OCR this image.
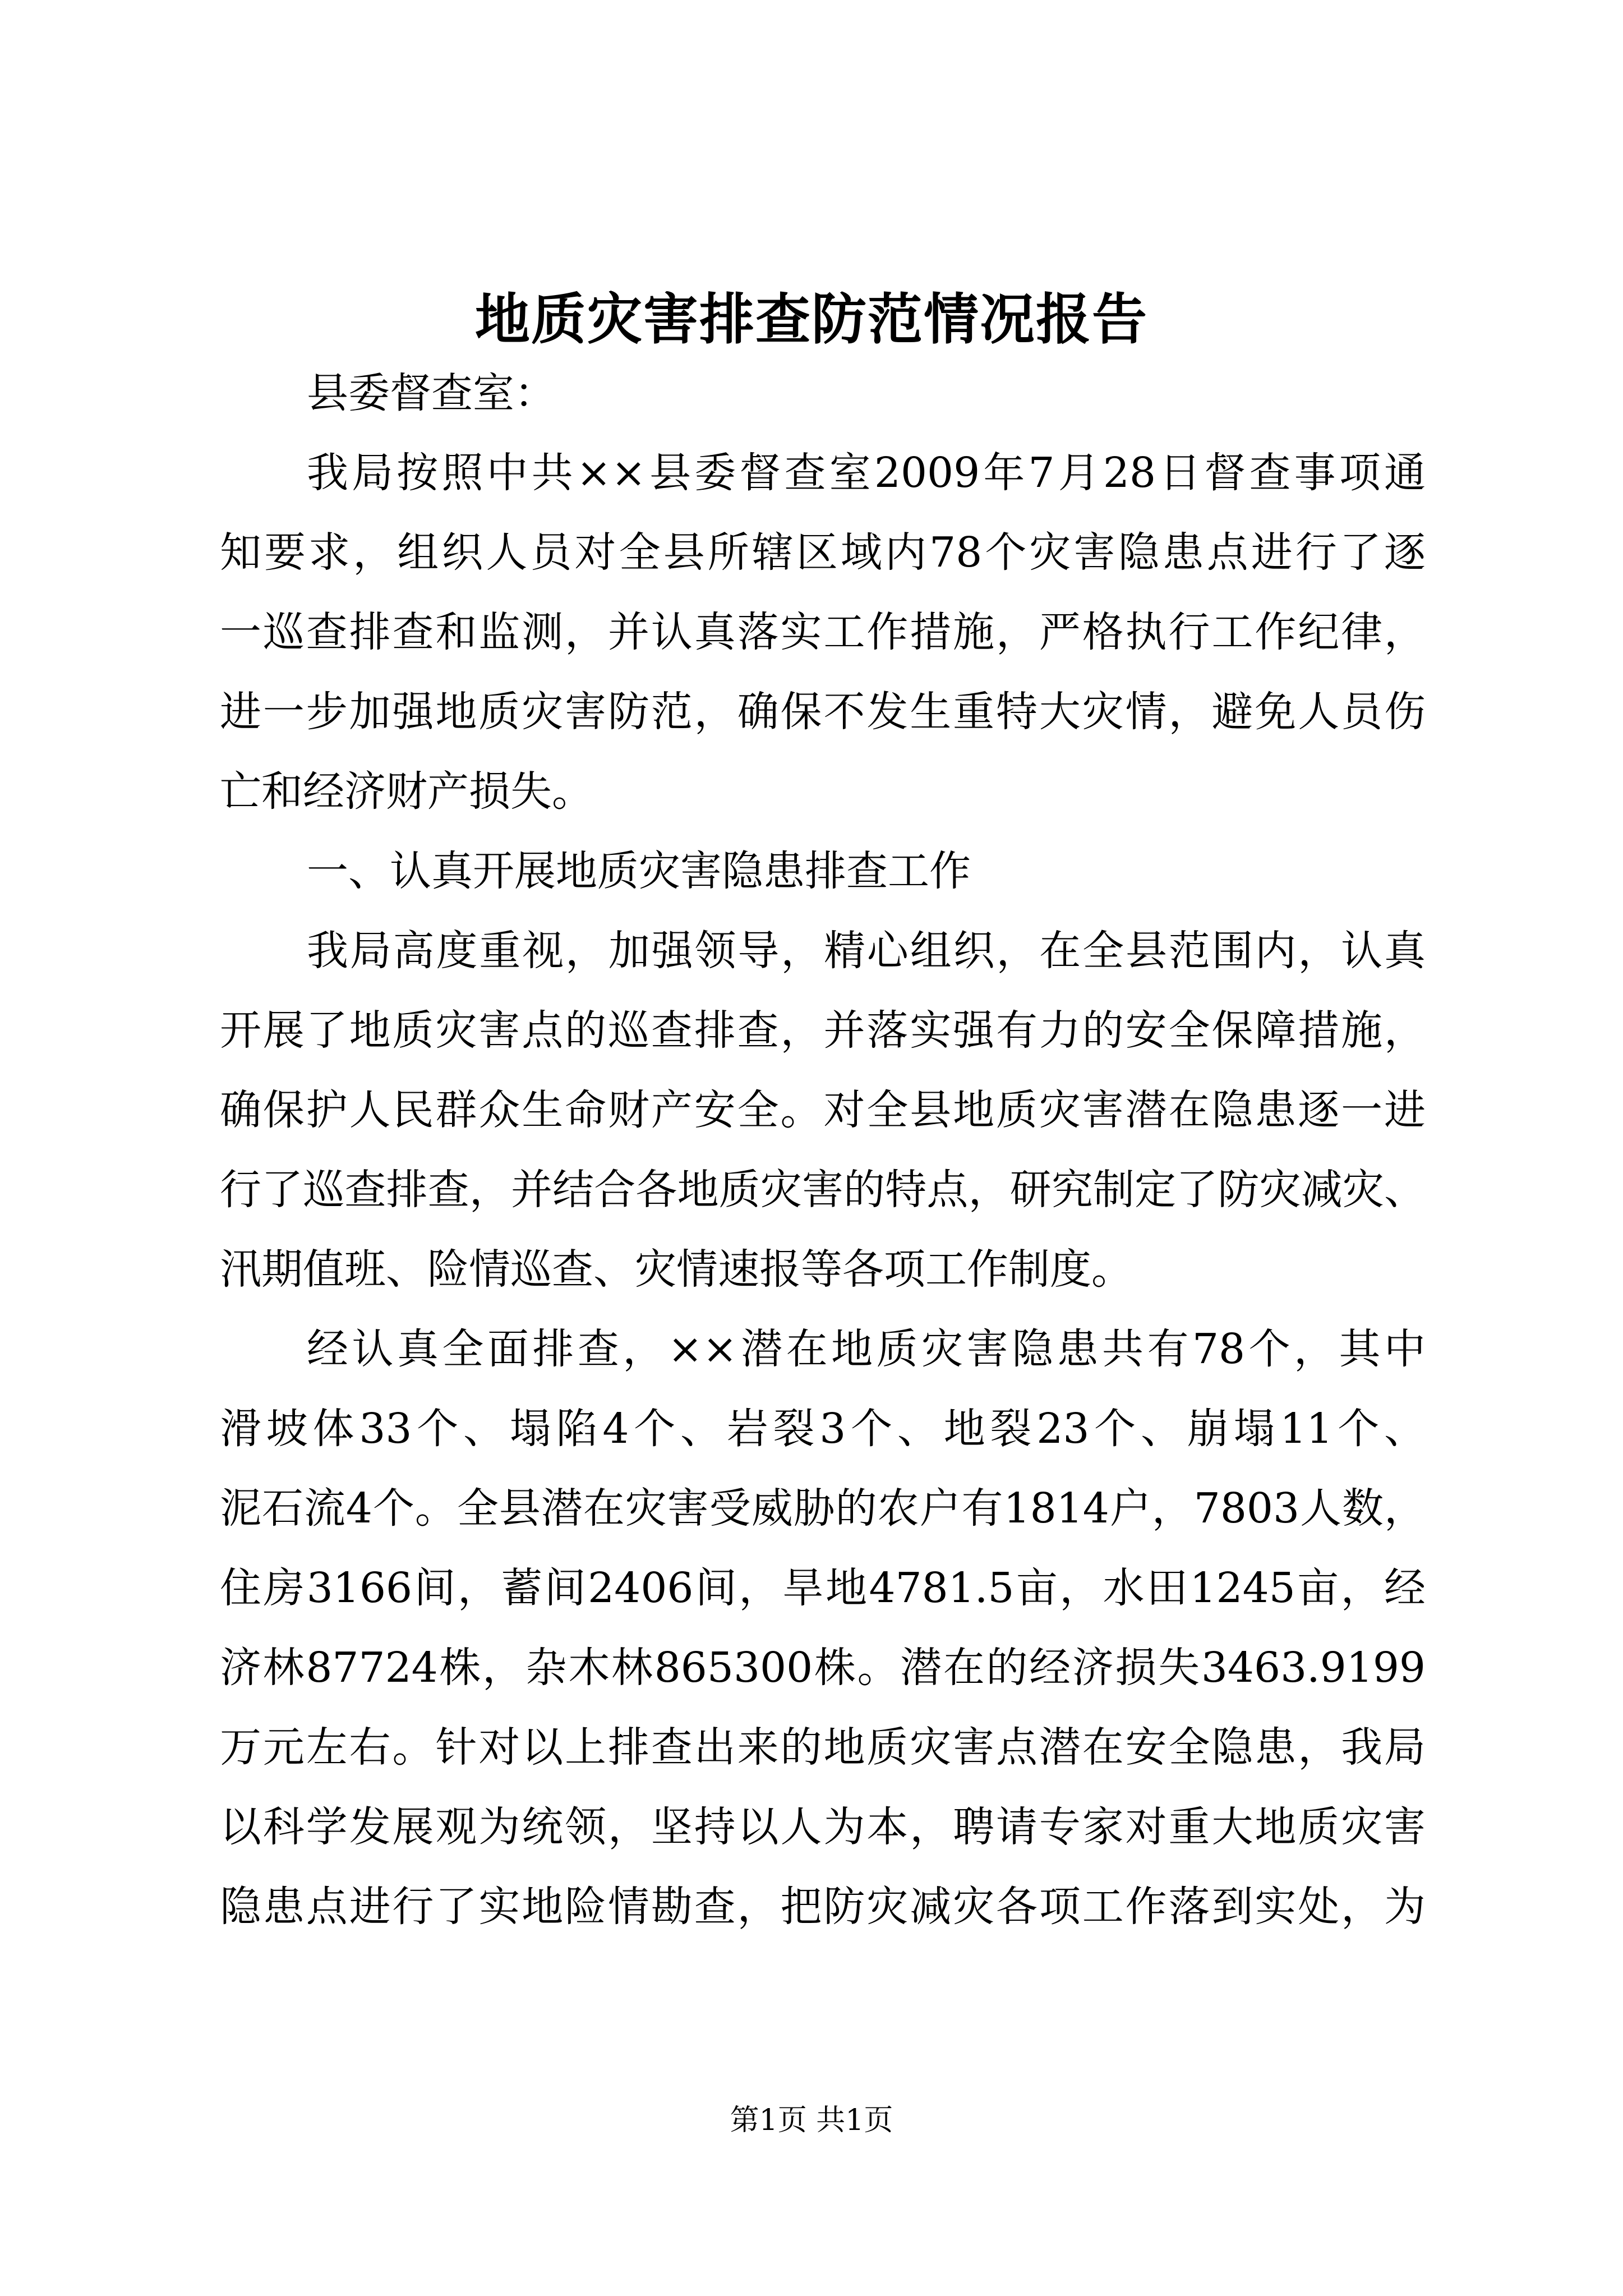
地质灾害排查防范情况报告
县委督查室：
我局按照中共××县委督查室2009年7月28日督查事项通
知要求，组织人员对全县所辖区域内78个灾害隐患点进行了逐
一巡查排查和监测，并认真落实工作措施，严格执行工作纪律，
进一步加强地质灾害防范，确保不发生重特大灾情，避免人员伤
亡和经济财产损失。
一、认真开展地质灾害隐患排查工作
我局高度重视，加强领导，精心组织，在全县范围内，认真
开展了地质灾害点的巡查排查，并落实强有力的安全保障措施，
确保护人民群众生命财产安全。对全县地质灾害潜在隐患逐一进
行了巡查排查，并结合各地质灾害的特点，研究制定了防灾减灾、
汛期值班、险情巡查、灾情速报等各项工作制度。
经认真全面排查，××潜在地质灾害隐患共有78个，其中
滑坡体33个、塌陷4个、岩裂3个、地裂23个、崩塌11个、
泥石流4个。全县潜在灾害受威胁的农户有1814户，7803人数，
住房3166间，蓄间2406间，旱地4781.5亩，水田1245亩，经
济林87724株，杂木林865300株。潜在的经济损失3463.9199
万元左右。针对以上排查出来的地质灾害点潜在安全隐患，我局
以科学发展观为统领，坚持以人为本，聘请专家对重大地质灾害
隐患点进行了实地险情勘查，把防灾减灾各项工作落到实处，为
第1页 共1页
